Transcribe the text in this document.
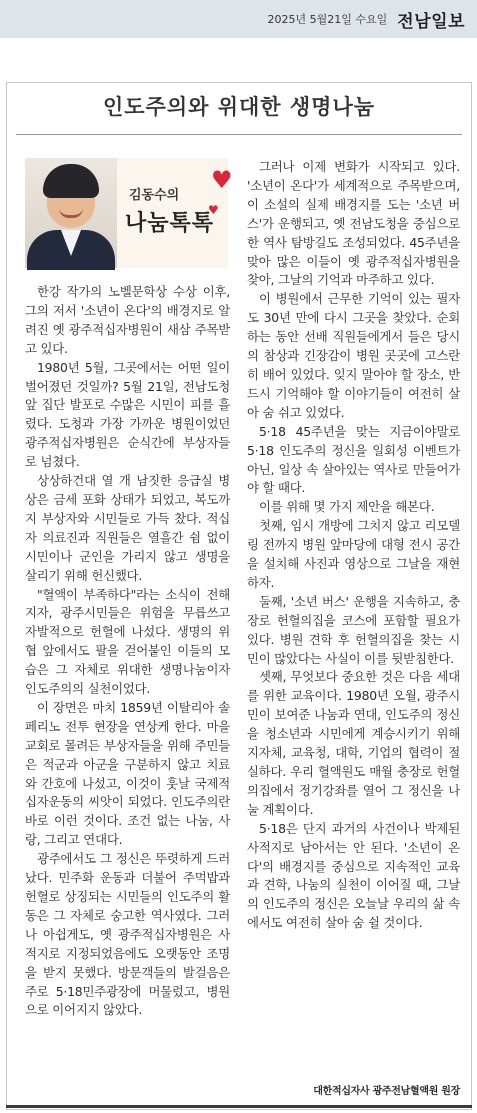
2025년 5월21일 수요일 전남일보
인도주의와 위대한 생명나눔
김동수의
나눔톡톡
♥
♥

한강 작가의 노벨문학상 수상 이후, 그의 저서 '소년이 온다'의 배경지로 알려진 옛 광주적십자병원이 새삼 주목받고 있다.

1980년 5월, 그곳에서는 어떤 일이 벌어졌던 것일까? 5월 21일, 전남도청 앞 집단 발포로 수많은 시민이 피를 흘렸다. 도청과 가장 가까운 병원이었던 광주적십자병원은 순식간에 부상자들로 넘쳤다.

상상하건대 열 개 남짓한 응급실 병상은 금세 포화 상태가 되었고, 복도까지 부상자와 시민들로 가득 찼다. 적십자 의료진과 직원들은 열흘간 쉼 없이 시민이나 군인을 가리지 않고 생명을 살리기 위해 헌신했다.

"혈액이 부족하다"라는 소식이 전해지자, 광주시민들은 위험을 무릅쓰고 자발적으로 헌혈에 나섰다. 생명의 위협 앞에서도 팔을 걷어붙인 이들의 모습은 그 자체로 위대한 생명나눔이자 인도주의의 실천이었다.

이 장면은 마치 1859년 이탈리아 솔페리노 전투 현장을 연상케 한다. 마을 교회로 몰려든 부상자들을 위해 주민들은 적군과 아군을 구분하지 않고 치료와 간호에 나섰고, 이것이 훗날 국제적십자운동의 씨앗이 되었다. 인도주의란 바로 이런 것이다. 조건 없는 나눔, 사랑, 그리고 연대다.

광주에서도 그 정신은 뚜렷하게 드러났다. 민주화 운동과 더불어 주먹밥과 헌혈로 상징되는 시민들의 인도주의 활동은 그 자체로 숭고한 역사였다. 그러나 아쉽게도, 옛 광주적십자병원은 사적지로 지정되었음에도 오랫동안 조명을 받지 못했다. 방문객들의 발걸음은 주로 5·18민주광장에 머물렀고, 병원으로 이어지지 않았다.

그러나 이제 변화가 시작되고 있다. '소년이 온다'가 세계적으로 주목받으며, 이 소설의 실제 배경지를 도는 '소년 버스'가 운행되고, 옛 전남도청을 중심으로 한 역사 탐방길도 조성되었다. 45주년을 맞아 많은 이들이 옛 광주적십자병원을 찾아, 그날의 기억과 마주하고 있다.

이 병원에서 근무한 기억이 있는 필자도 30년 만에 다시 그곳을 찾았다. 순회하는 동안 선배 직원들에게서 들은 당시의 참상과 긴장감이 병원 곳곳에 고스란히 배어 있었다. 잊지 말아야 할 장소, 반드시 기억해야 할 이야기들이 여전히 살아 숨 쉬고 있었다.

5·18 45주년을 맞는 지금이야말로 5·18 인도주의 정신을 일회성 이벤트가 아닌, 일상 속 살아있는 역사로 만들어가야 할 때다.

이를 위해 몇 가지 제안을 해본다.

첫째, 임시 개방에 그치지 않고 리모델링 전까지 병원 앞마당에 대형 전시 공간을 설치해 사진과 영상으로 그날을 재현하자.

둘째, '소년 버스' 운행을 지속하고, 충장로 헌혈의집을 코스에 포함할 필요가 있다. 병원 견학 후 헌혈의집을 찾는 시민이 많았다는 사실이 이를 뒷받침한다.

셋째, 무엇보다 중요한 것은 다음 세대를 위한 교육이다. 1980년 오월, 광주시민이 보여준 나눔과 연대, 인도주의 정신을 청소년과 시민에게 계승시키기 위해 지자체, 교육청, 대학, 기업의 협력이 절실하다. 우리 혈액원도 매월 충장로 헌혈의집에서 정기강좌를 열어 그 정신을 나눌 계획이다.

5·18은 단지 과거의 사건이나 박제된 사적지로 남아서는 안 된다. '소년이 온다'의 배경지를 중심으로 지속적인 교육과 견학, 나눔의 실천이 이어질 때, 그날의 인도주의 정신은 오늘날 우리의 삶 속에서도 여전히 살아 숨 쉴 것이다.

대한적십자사 광주전남혈액원 원장
